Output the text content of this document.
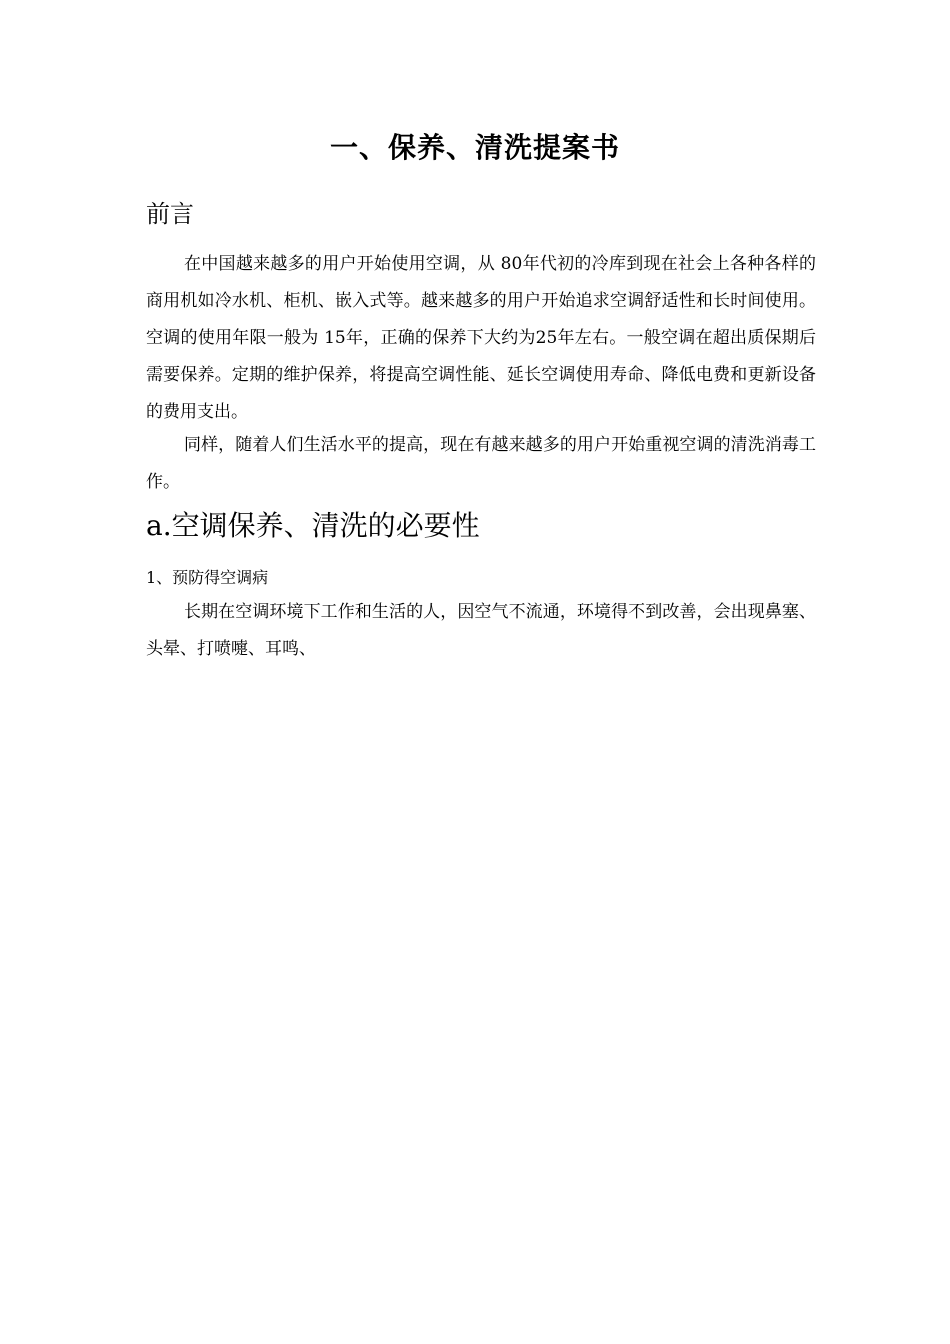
一、保养、清洗提案书
前言

在中国越来越多的用户开始使用空调，从 80年代初的冷库到现在社会上各种各样的商用机如冷水机、柜机、嵌入式等。越来越多的用户开始追求空调舒适性和长时间使用。空调的使用年限一般为 15年，正确的保养下大约为25年左右。一般空调在超出质保期后需要保养。定期的维护保养，将提高空调性能、延长空调使用寿命、降低电费和更新设备的费用支出。

同样，随着人们生活水平的提高，现在有越来越多的用户开始重视空调的清洗消毒工作。

a.空调保养、清洗的必要性
1、预防得空调病

长期在空调环境下工作和生活的人，因空气不流通，环境得不到改善，会出现鼻塞、头晕、打喷嚏、耳鸣、
